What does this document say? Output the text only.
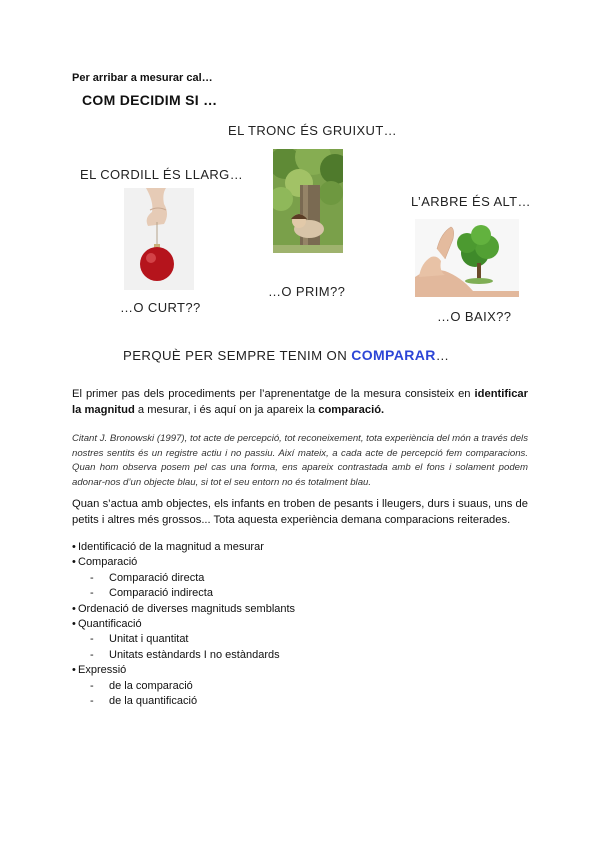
Per arribar a mesurar cal…
COM DECIDIM SI …
EL TRONC ÉS GRUIXUT…
EL CORDILL ÉS LLARG…
L’ARBRE ÉS ALT…
…O PRIM??
…O CURT??
…O BAIX??
PERQUÈ PER SEMPRE TENIM ON COMPARAR…
El primer pas dels procediments per l’aprenentatge de la mesura consisteix en identificar la magnitud a mesurar, i és aquí on ja apareix la comparació.
Citant J. Bronowski (1997), tot acte de percepció, tot reconeixement, tota experiència del món a través dels nostres sentits és un registre actiu i no passiu. Així mateix, a cada acte de percepció fem comparacions. Quan hom observa posem pel cas una forma, ens apareix contrastada amb el fons i solament podem adonar-nos d’un objecte blau, si tot el seu entorn no és totalment blau.
Quan s’actua amb objectes, els infants en troben de pesants i lleugers, durs i suaus, uns de petits i altres més grossos... Tota aquesta experiència demana comparacions reiterades.
• Identificació de la magnitud a mesurar
• Comparació
- Comparació directa
- Comparació indirecta
• Ordenació de diverses magnituds semblants
• Quantificació
- Unitat i quantitat
- Unitats estàndards I no estàndards
• Expressió
- de la comparació
- de la quantificació
